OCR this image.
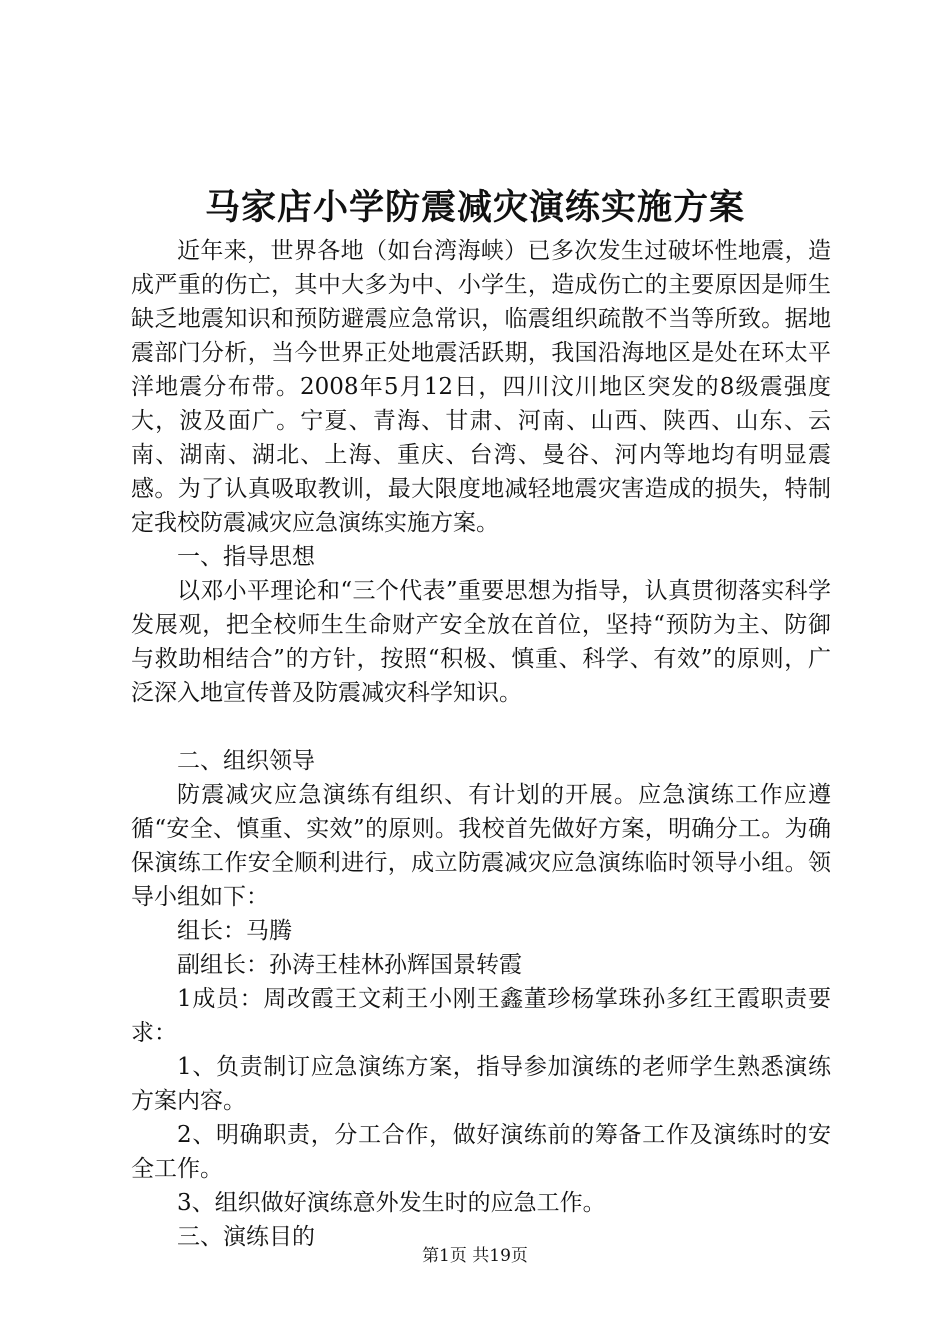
马家店小学防震减灾演练实施方案

近年来，世界各地（如台湾海峡）已多次发生过破坏性地震，造成严重的伤亡，其中大多为中、小学生，造成伤亡的主要原因是师生缺乏地震知识和预防避震应急常识，临震组织疏散不当等所致。据地震部门分析，当今世界正处地震活跃期，我国沿海地区是处在环太平洋地震分布带。2008年5月12日，四川汶川地区突发的8级震强度大，波及面广。宁夏、青海、甘肃、河南、山西、陕西、山东、云南、湖南、湖北、上海、重庆、台湾、曼谷、河内等地均有明显震感。为了认真吸取教训，最大限度地减轻地震灾害造成的损失，特制定我校防震减灾应急演练实施方案。

一、指导思想

以邓小平理论和“三个代表”重要思想为指导，认真贯彻落实科学发展观，把全校师生生命财产安全放在首位，坚持“预防为主、防御与救助相结合”的方针，按照“积极、慎重、科学、有效”的原则，广泛深入地宣传普及防震减灾科学知识。

二、组织领导

防震减灾应急演练有组织、有计划的开展。应急演练工作应遵循“安全、慎重、实效”的原则。我校首先做好方案，明确分工。为确保演练工作安全顺利进行，成立防震减灾应急演练临时领导小组。领导小组如下：

组长：马腾

副组长：孙涛王桂林孙辉国景转霞

1成员：周改霞王文莉王小刚王鑫董珍杨掌珠孙多红王霞职责要求：

1、负责制订应急演练方案，指导参加演练的老师学生熟悉演练方案内容。

2、明确职责，分工合作，做好演练前的筹备工作及演练时的安全工作。

3、组织做好演练意外发生时的应急工作。

三、演练目的

第1页 共19页
